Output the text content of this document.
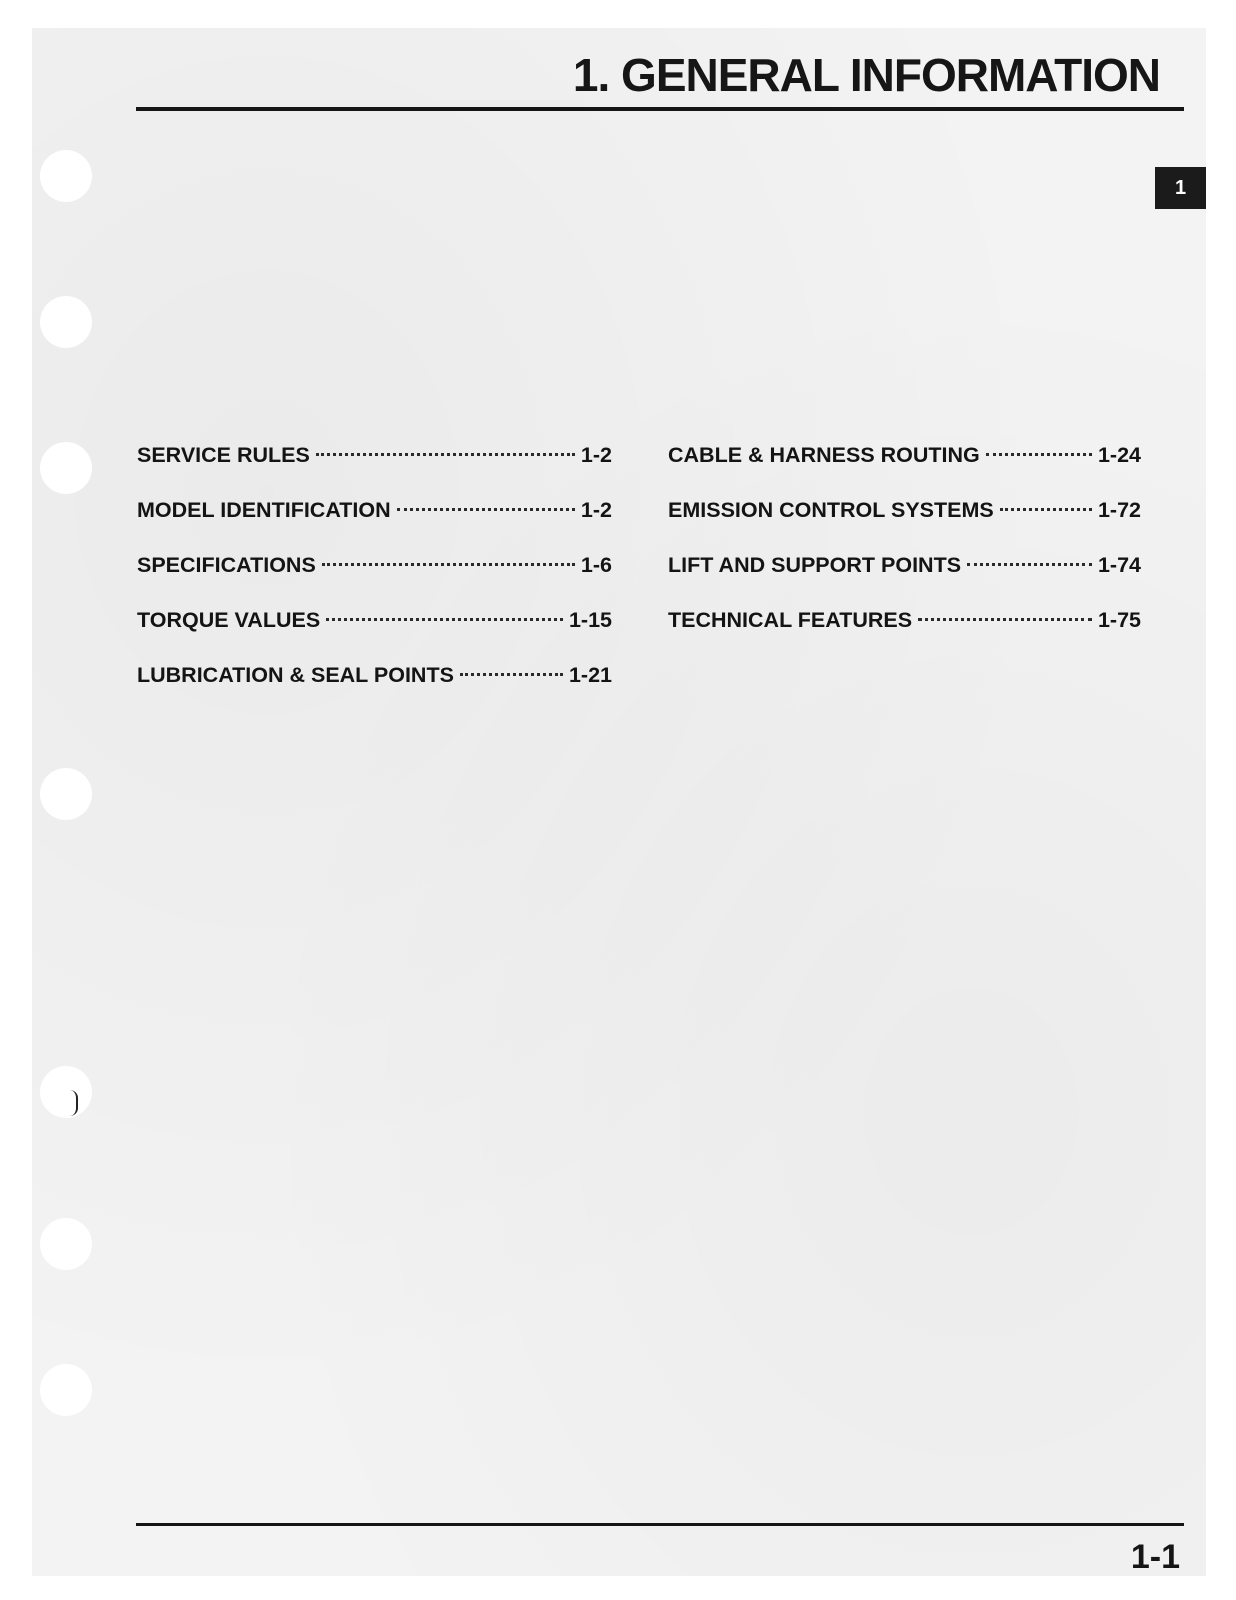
1. GENERAL INFORMATION
1
SERVICE RULES	1-2
MODEL IDENTIFICATION	1-2
SPECIFICATIONS	1-6
TORQUE VALUES	1-15
LUBRICATION & SEAL POINTS	1-21
CABLE & HARNESS ROUTING	1-24
EMISSION CONTROL SYSTEMS	1-72
LIFT AND SUPPORT POINTS	1-74
TECHNICAL FEATURES	1-75
1-1
